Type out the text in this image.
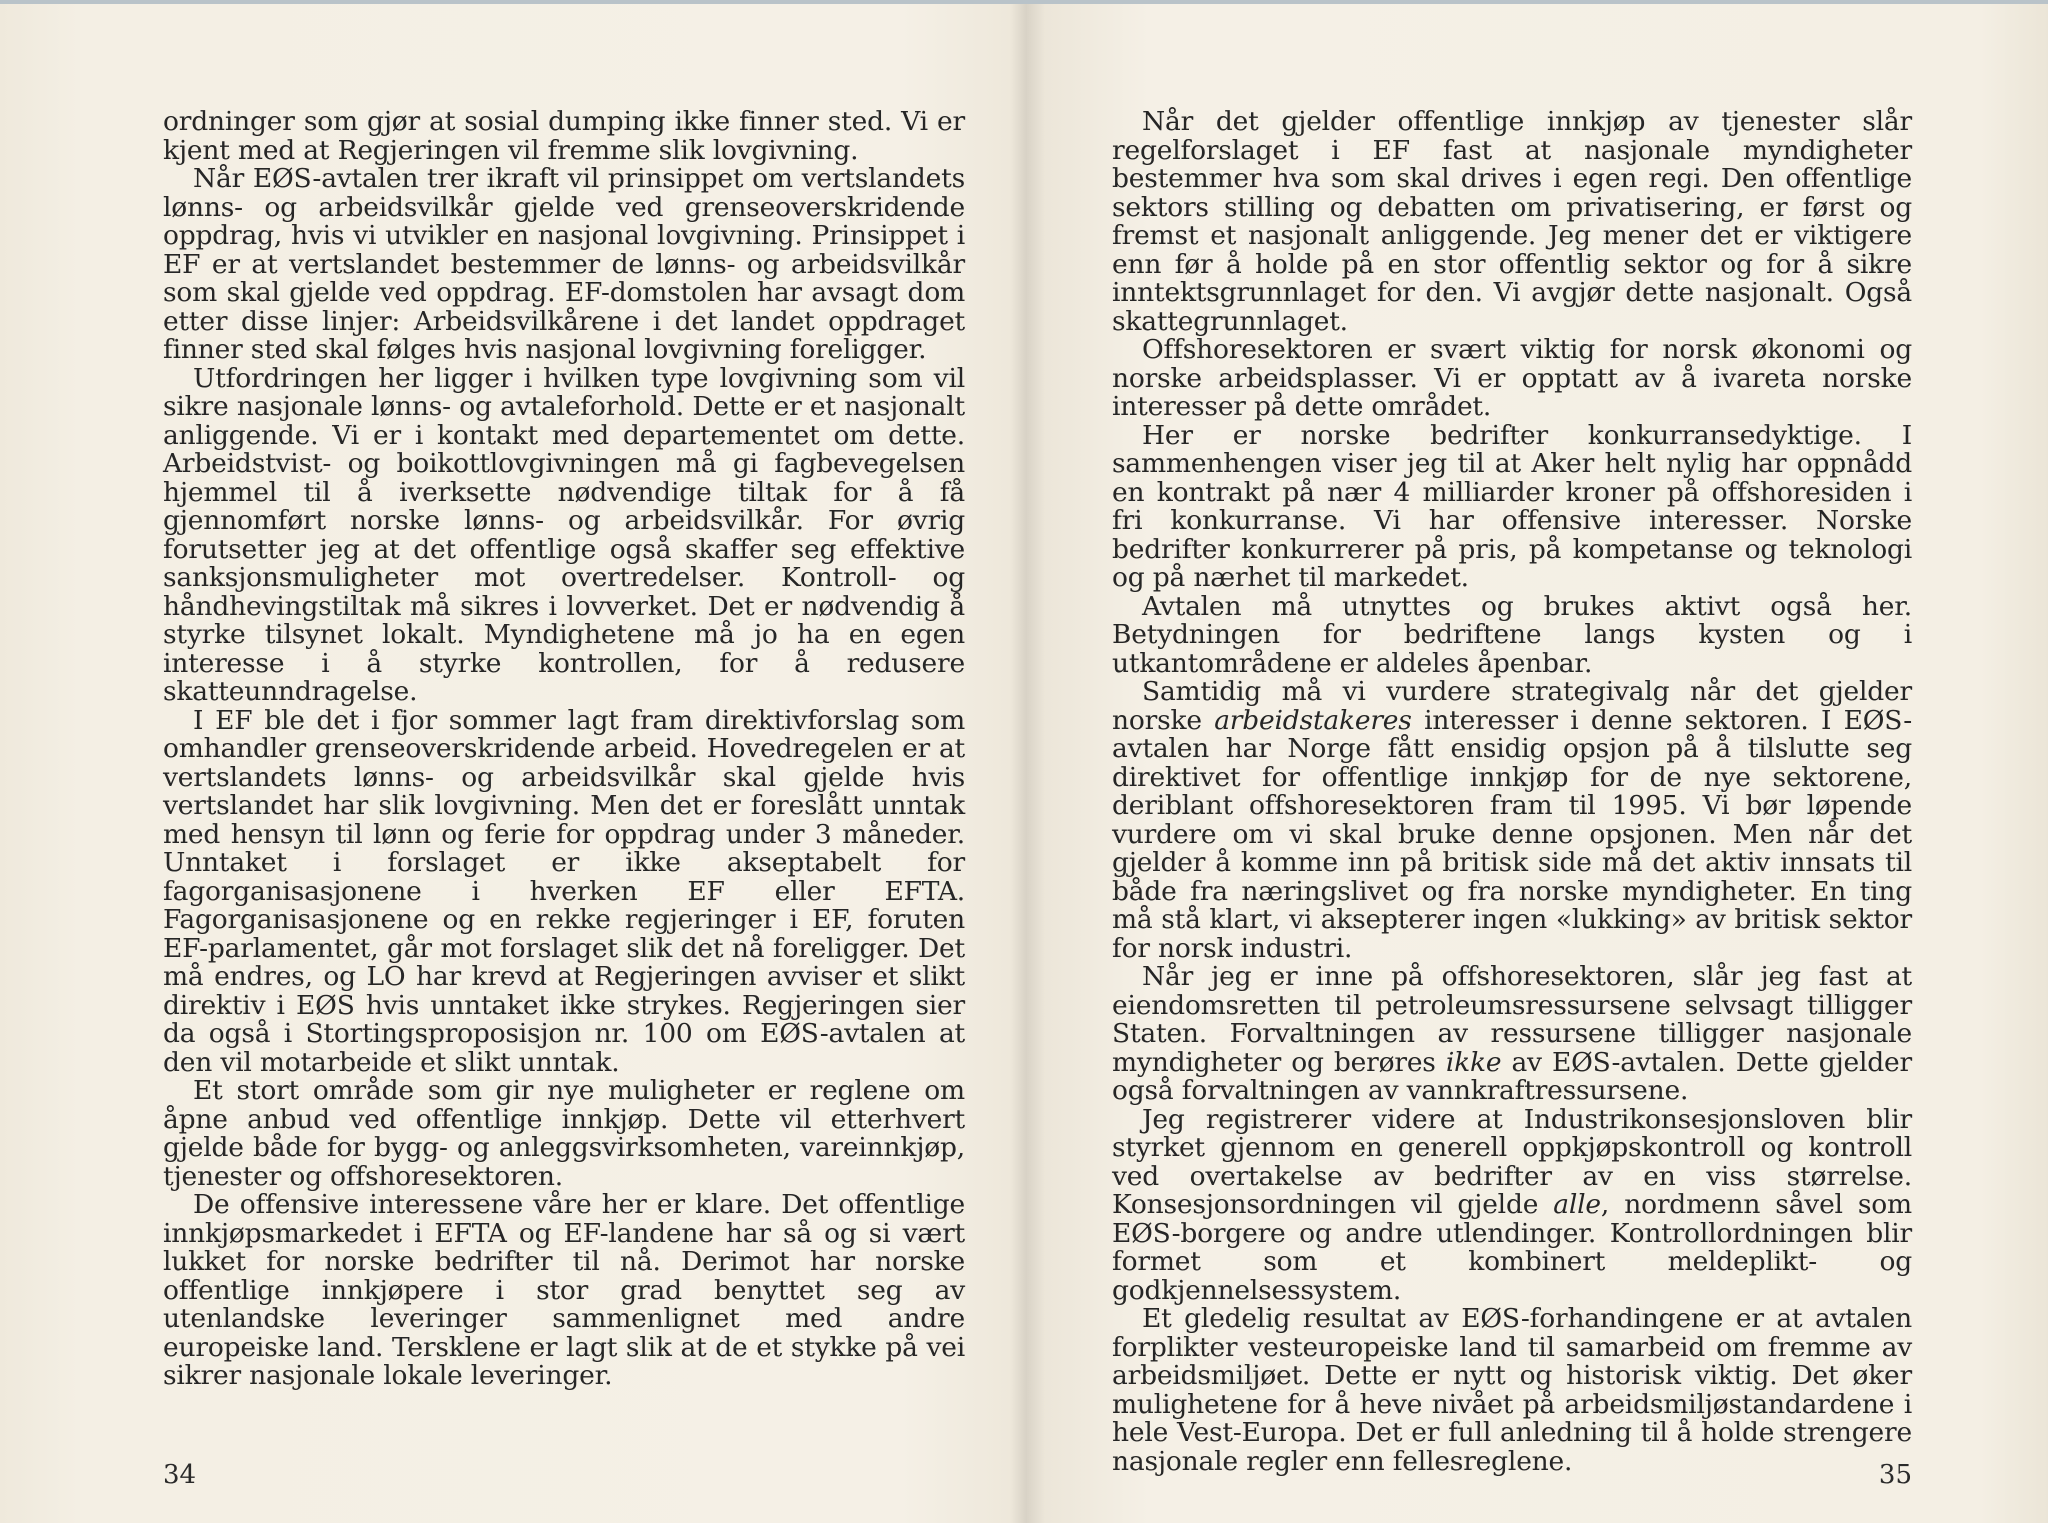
ordninger som gjør at sosial dumping ikke finner sted. Vi er kjent med at Regjeringen vil fremme slik lovgivning.

Når EØS-avtalen trer ikraft vil prinsippet om vertslandets lønns- og arbeidsvilkår gjelde ved grenseoverskridende oppdrag, hvis vi utvikler en nasjonal lovgivning. Prinsippet i EF er at vertslandet bestemmer de lønns- og arbeidsvilkår som skal gjelde ved oppdrag. EF-domstolen har avsagt dom etter disse linjer: Arbeidsvilkårene i det landet oppdraget finner sted skal følges hvis nasjonal lovgivning foreligger.

Utfordringen her ligger i hvilken type lovgivning som vil sikre nasjonale lønns- og avtaleforhold. Dette er et nasjonalt anliggende. Vi er i kontakt med departementet om dette. Arbeidstvist- og boikottlovgivningen må gi fagbevegelsen hjemmel til å iverksette nødvendige tiltak for å få gjennomført norske lønns- og arbeidsvilkår. For øvrig forutsetter jeg at det offentlige også skaffer seg effektive sanksjonsmuligheter mot overtredelser. Kontroll- og håndhevingstiltak må sikres i lovverket. Det er nødvendig å styrke tilsynet lokalt. Myndighetene må jo ha en egen interesse i å styrke kontrollen, for å redusere skatteunndragelse.

I EF ble det i fjor sommer lagt fram direktivforslag som omhandler grenseoverskridende arbeid. Hovedregelen er at vertslandets lønns- og arbeidsvilkår skal gjelde hvis vertslandet har slik lovgivning. Men det er foreslått unntak med hensyn til lønn og ferie for oppdrag under 3 måneder. Unntaket i forslaget er ikke akseptabelt for fagorganisasjonene i hverken EF eller EFTA. Fagorganisasjonene og en rekke regjeringer i EF, foruten EF-parlamentet, går mot forslaget slik det nå foreligger. Det må endres, og LO har krevd at Regjeringen avviser et slikt direktiv i EØS hvis unntaket ikke strykes. Regjeringen sier da også i Stortingsproposisjon nr. 100 om EØS-avtalen at den vil motarbeide et slikt unntak.

Et stort område som gir nye muligheter er reglene om åpne anbud ved offentlige innkjøp. Dette vil etterhvert gjelde både for bygg- og anleggsvirksomheten, vareinnkjøp, tjenester og offshoresektoren.

De offensive interessene våre her er klare. Det offentlige innkjøpsmarkedet i EFTA og EF-landene har så og si vært lukket for norske bedrifter til nå. Derimot har norske offentlige innkjøpere i stor grad benyttet seg av utenlandske leveringer sammenlignet med andre europeiske land. Tersklene er lagt slik at de et stykke på vei sikrer nasjonale lokale leveringer.

34

Når det gjelder offentlige innkjøp av tjenester slår regelforslaget i EF fast at nasjonale myndigheter bestemmer hva som skal drives i egen regi. Den offentlige sektors stilling og debatten om privatisering, er først og fremst et nasjonalt anliggende. Jeg mener det er viktigere enn før å holde på en stor offentlig sektor og for å sikre inntektsgrunnlaget for den. Vi avgjør dette nasjonalt. Også skattegrunnlaget.

Offshoresektoren er svært viktig for norsk økonomi og norske arbeidsplasser. Vi er opptatt av å ivareta norske interesser på dette området.

Her er norske bedrifter konkurransedyktige. I sammenhengen viser jeg til at Aker helt nylig har oppnådd en kontrakt på nær 4 milliarder kroner på offshoresiden i fri konkurranse. Vi har offensive interesser. Norske bedrifter konkurrerer på pris, på kompetanse og teknologi og på nærhet til markedet.

Avtalen må utnyttes og brukes aktivt også her. Betydningen for bedriftene langs kysten og i utkantområdene er aldeles åpenbar.

Samtidig må vi vurdere strategivalg når det gjelder norske arbeidstakeres interesser i denne sektoren. I EØS-avtalen har Norge fått ensidig opsjon på å tilslutte seg direktivet for offentlige innkjøp for de nye sektorene, deriblant offshoresektoren fram til 1995. Vi bør løpende vurdere om vi skal bruke denne opsjonen. Men når det gjelder å komme inn på britisk side må det aktiv innsats til både fra næringslivet og fra norske myndigheter. En ting må stå klart, vi aksepterer ingen «lukking» av britisk sektor for norsk industri.

Når jeg er inne på offshoresektoren, slår jeg fast at eiendomsretten til petroleumsressursene selvsagt tilligger Staten. Forvaltningen av ressursene tilligger nasjonale myndigheter og berøres ikke av EØS-avtalen. Dette gjelder også forvaltningen av vannkraftressursene.

Jeg registrerer videre at Industrikonsesjonsloven blir styrket gjennom en generell oppkjøpskontroll og kontroll ved overtakelse av bedrifter av en viss størrelse. Konsesjonsordningen vil gjelde alle, nordmenn såvel som EØS-borgere og andre utlendinger. Kontrollordningen blir formet som et kombinert meldeplikt- og godkjennelsessystem.

Et gledelig resultat av EØS-forhandingene er at avtalen forplikter vesteuropeiske land til samarbeid om fremme av arbeidsmiljøet. Dette er nytt og historisk viktig. Det øker mulighetene for å heve nivået på arbeidsmiljøstandardene i hele Vest-Europa. Det er full anledning til å holde strengere nasjonale regler enn fellesreglene.	35
